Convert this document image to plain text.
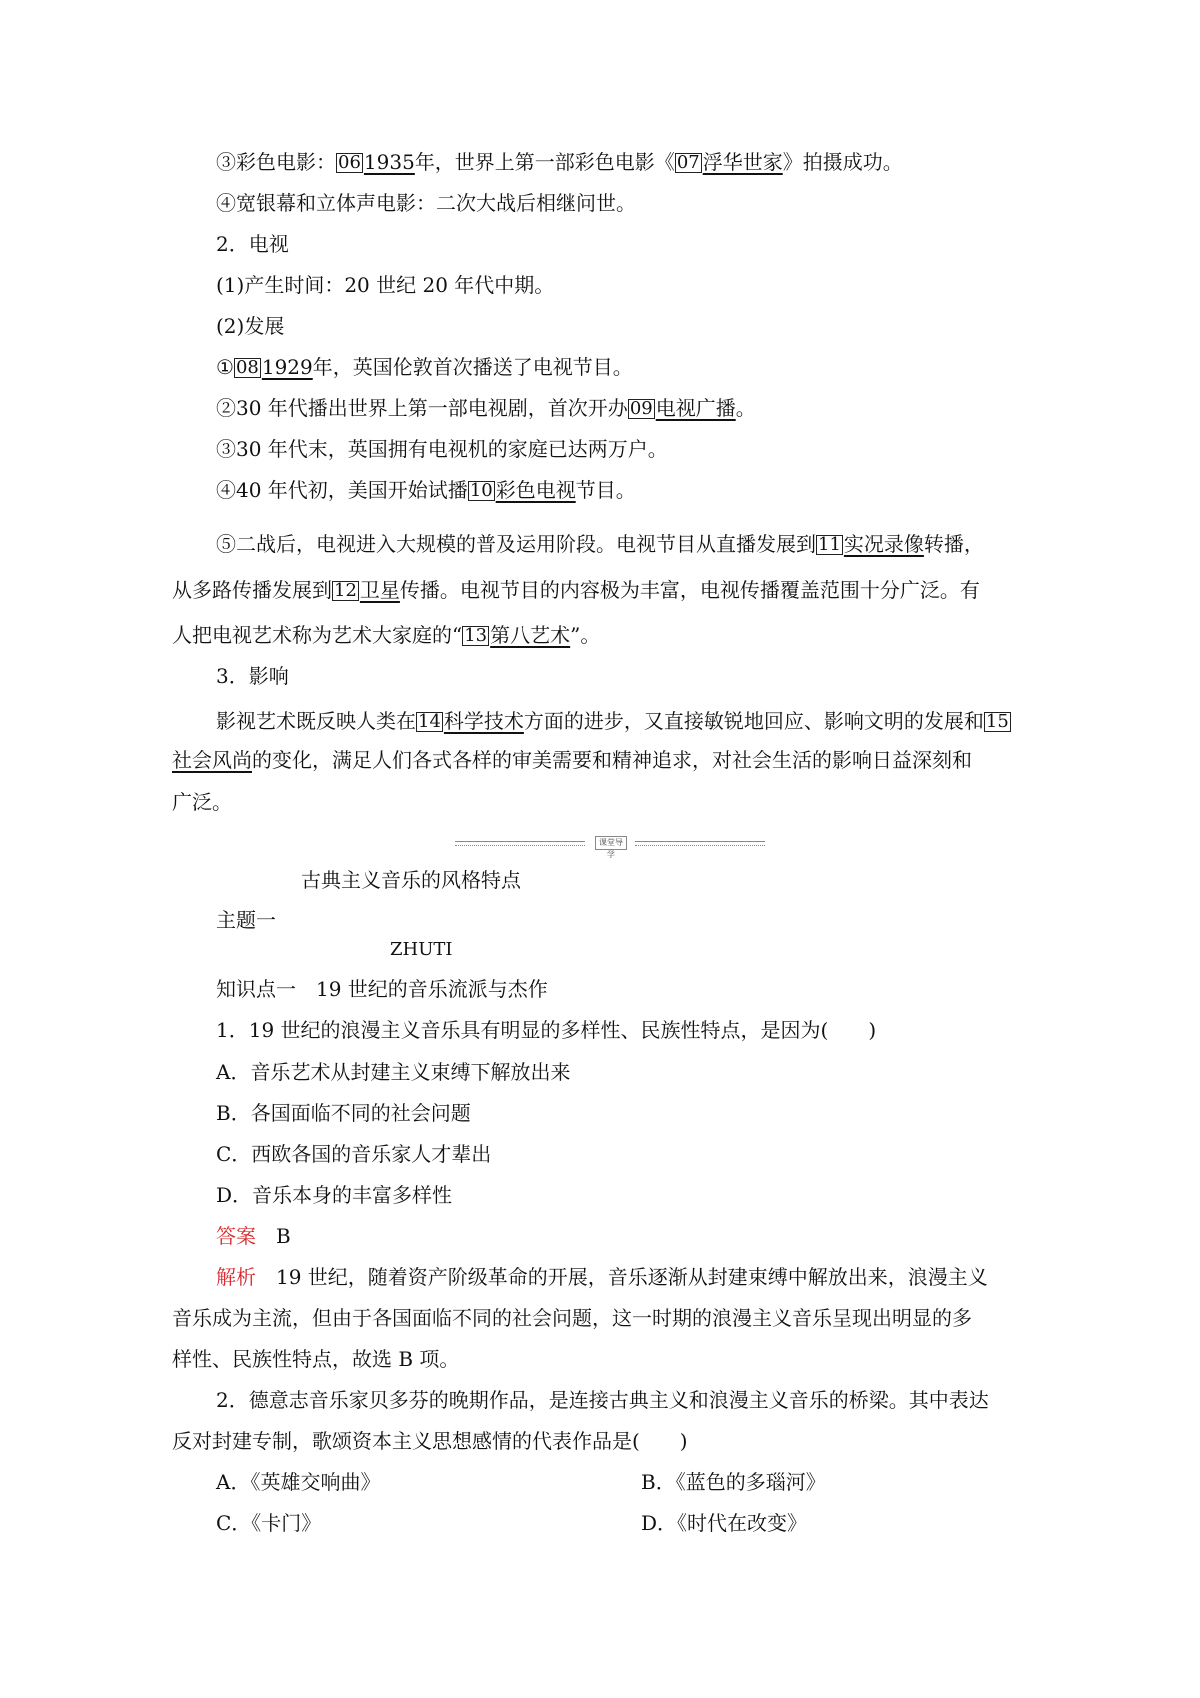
③彩色电影： 06 1935年，世界上第一部彩色电影《 07 浮华世家》拍摄成功。
④宽银幕和立体声电影：二次大战后相继问世。
2．电视
(1)产生时间：20 世纪 20 年代中期。
(2)发展
① 08 1929年，英国伦敦首次播送了电视节目。
②30 年代播出世界上第一部电视剧，首次开办 09 电视广播。
③30 年代末，英国拥有电视机的家庭已达两万户。
④40 年代初，美国开始试播 10 彩色电视节目。
⑤二战后，电视进入大规模的普及运用阶段。电视节目从直播发展到 11 实况录像转播，
从多路传播发展到 12 卫星传播。电视节目的内容极为丰富，电视传播覆盖范围十分广泛。有
人把电视艺术称为艺术大家庭的“ 13 第八艺术”。
3．影响
影视艺术既反映人类在 14 科学技术方面的进步，又直接敏锐地回应、影响文明的发展和 15
社会风尚的变化，满足人们各式各样的审美需要和精神追求，对社会生活的影响日益深刻和
广泛。
课堂导学
古典主义音乐的风格特点
主题一
ZHUTI
知识点一　19 世纪的音乐流派与杰作
1．19 世纪的浪漫主义音乐具有明显的多样性、民族性特点，是因为(　　)
A．音乐艺术从封建主义束缚下解放出来
B．各国面临不同的社会问题
C．西欧各国的音乐家人才辈出
D．音乐本身的丰富多样性
答案　 B
解析　 19 世纪，随着资产阶级革命的开展，音乐逐渐从封建束缚中解放出来，浪漫主义
音乐成为主流，但由于各国面临不同的社会问题，这一时期的浪漫主义音乐呈现出明显的多
样性、民族性特点，故选 B 项。
2．德意志音乐家贝多芬的晚期作品，是连接古典主义和浪漫主义音乐的桥梁。其中表达
反对封建专制，歌颂资本主义思想感情的代表作品是(　　)
A．《英雄交响曲》	B．《蓝色的多瑙河》
C．《卡门》	D．《时代在改变》
